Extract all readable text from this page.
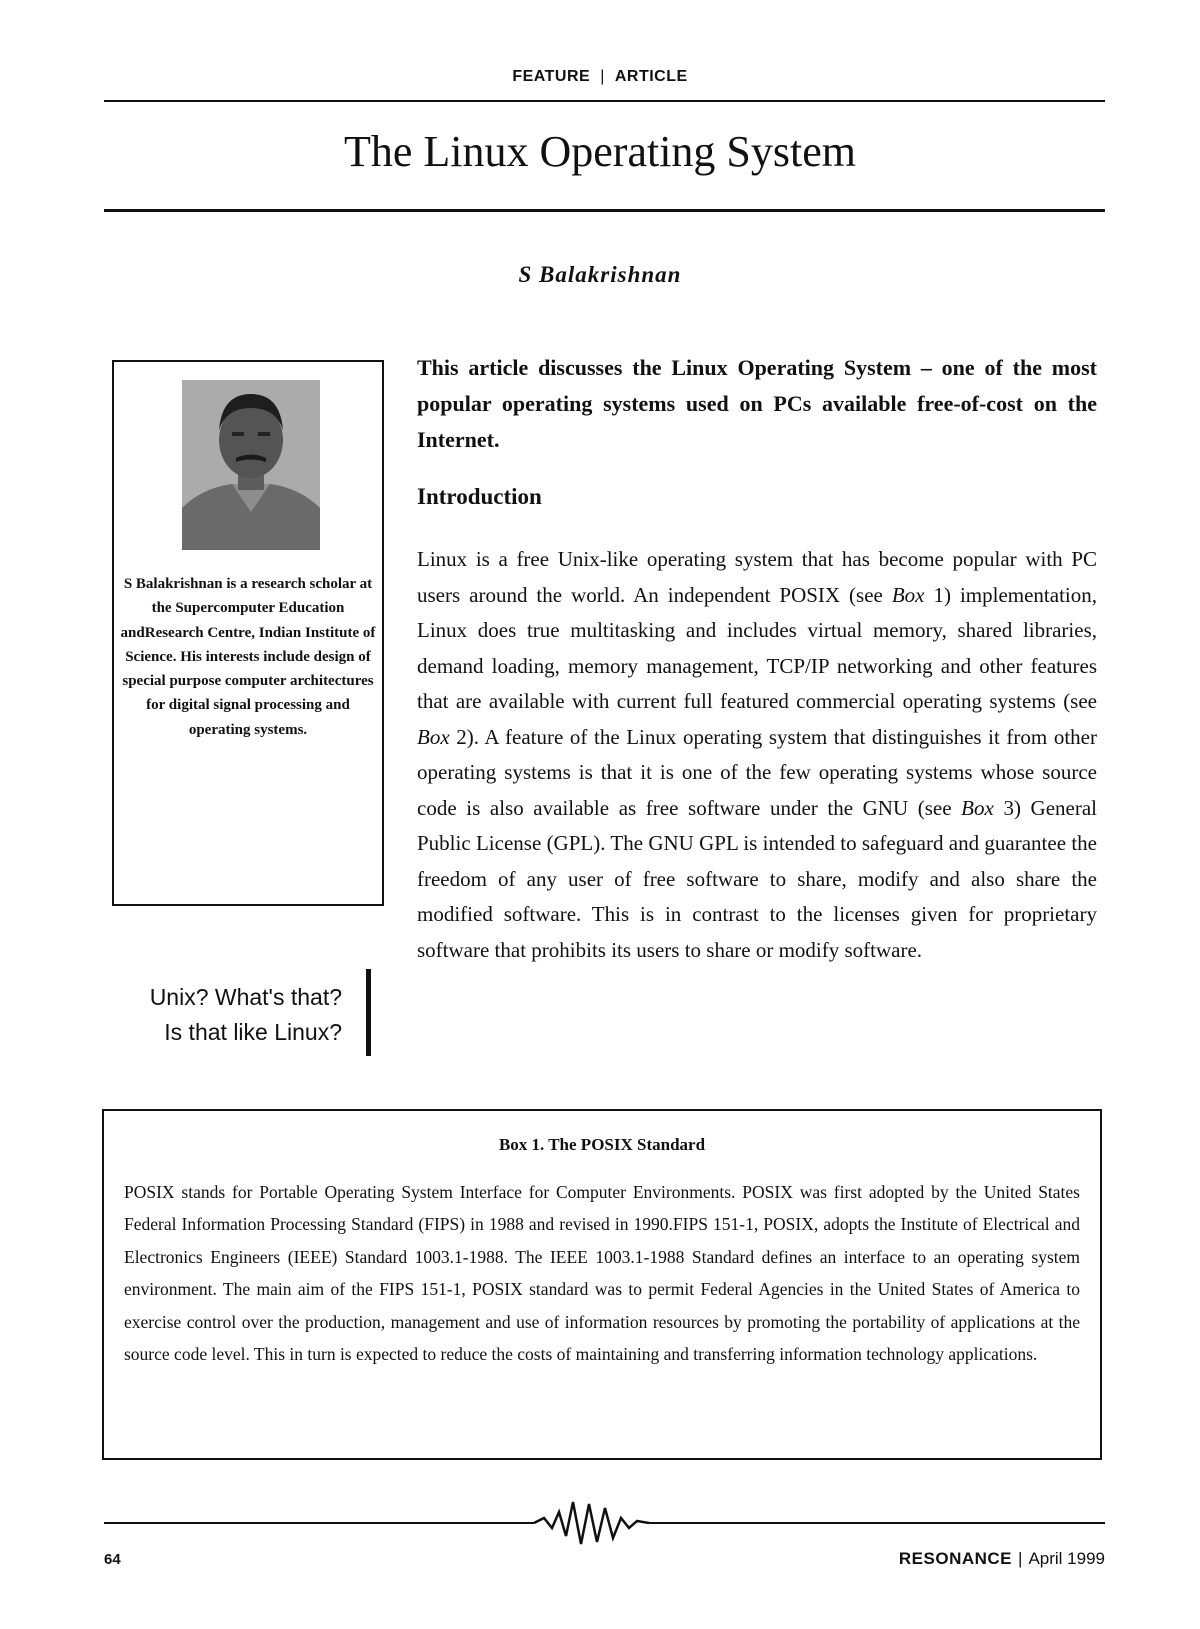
FEATURE | ARTICLE
The Linux Operating System
S Balakrishnan
S Balakrishnan is a research scholar at the Supercomputer Education andResearch Centre, Indian Institute of Science. His interests include design of special purpose computer architectures for digital signal processing and operating systems.
Unix? What's that?
Is that like Linux?
This article discusses the Linux Operating System – one of the most popular operating systems used on PCs available free-of-cost on the Internet.
Introduction
Linux is a free Unix-like operating system that has become popular with PC users around the world. An independent POSIX (see Box 1) implementation, Linux does true multitasking and includes virtual memory, shared libraries, demand loading, memory management, TCP/IP networking and other features that are available with current full featured commercial operating systems (see Box 2). A feature of the Linux operating system that distinguishes it from other operating systems is that it is one of the few operating systems whose source code is also available as free software under the GNU (see Box 3) General Public License (GPL). The GNU GPL is intended to safeguard and guarantee the freedom of any user of free software to share, modify and also share the modified software. This is in contrast to the licenses given for proprietary software that prohibits its users to share or modify software.
Box 1. The POSIX Standard
POSIX stands for Portable Operating System Interface for Computer Environments. POSIX was first adopted by the United States Federal Information Processing Standard (FIPS) in 1988 and revised in 1990.FIPS 151-1, POSIX, adopts the Institute of Electrical and Electronics Engineers (IEEE) Standard 1003.1-1988. The IEEE 1003.1-1988 Standard defines an interface to an operating system environment. The main aim of the FIPS 151-1, POSIX standard was to permit Federal Agencies in the United States of America to exercise control over the production, management and use of information resources by promoting the portability of applications at the source code level. This in turn is expected to reduce the costs of maintaining and transferring information technology applications.
64	RESONANCE | April 1999
